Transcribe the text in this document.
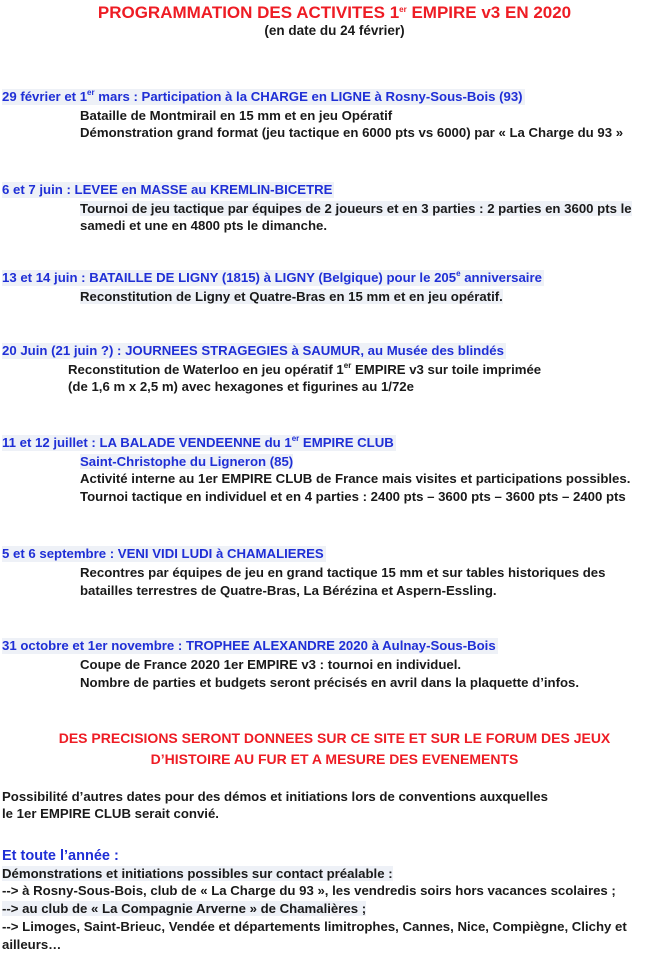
PROGRAMMATION DES ACTIVITES 1er EMPIRE v3 EN 2020
(en date du 24 février)
29 février et 1er mars : Participation à la CHARGE en LIGNE à Rosny-Sous-Bois (93)
Bataille de Montmirail en 15 mm et en jeu Opératif
Démonstration grand format (jeu tactique en 6000 pts vs 6000) par « La Charge du 93 »
6 et 7 juin : LEVEE en MASSE au KREMLIN-BICETRE
Tournoi de jeu tactique par équipes de 2 joueurs et en 3 parties : 2 parties en 3600 pts le
samedi et une en 4800 pts le dimanche.
13 et 14 juin : BATAILLE DE LIGNY (1815) à LIGNY (Belgique) pour le 205e anniversaire
Reconstitution de Ligny et Quatre-Bras en 15 mm et en jeu opératif.
20 Juin (21 juin ?) : JOURNEES STRAGEGIES à SAUMUR, au Musée des blindés
Reconstitution de Waterloo en jeu opératif 1er EMPIRE v3 sur toile imprimée
(de 1,6 m x 2,5 m) avec hexagones et figurines au 1/72e
11 et 12 juillet : LA BALADE VENDEENNE du 1er EMPIRE CLUB
Saint-Christophe du Ligneron (85)
Activité interne au 1er EMPIRE CLUB de France mais visites et participations possibles.
Tournoi tactique en individuel et en 4 parties : 2400 pts – 3600 pts – 3600 pts – 2400 pts
5 et 6 septembre : VENI VIDI LUDI à CHAMALIERES
Recontres par équipes de jeu en grand tactique 15 mm et sur tables historiques des
batailles terrestres de Quatre-Bras, La Bérézina et Aspern-Essling.
31 octobre et 1er novembre : TROPHEE ALEXANDRE 2020 à Aulnay-Sous-Bois
Coupe de France 2020 1er EMPIRE v3 : tournoi en individuel.
Nombre de parties et budgets seront précisés en avril dans la plaquette d’infos.
DES PRECISIONS SERONT DONNEES SUR CE SITE ET SUR LE FORUM DES JEUX
D’HISTOIRE AU FUR ET A MESURE DES EVENEMENTS
Possibilité d’autres dates pour des démos et initiations lors de conventions auxquelles
le 1er EMPIRE CLUB serait convié.
Et toute l’année :
Démonstrations et initiations possibles sur contact préalable :
--> à Rosny-Sous-Bois, club de « La Charge du 93 », les vendredis soirs hors vacances scolaires ;
--> au club de « La Compagnie Arverne » de Chamalières ;
--> Limoges, Saint-Brieuc, Vendée et départements limitrophes, Cannes, Nice, Compiègne, Clichy et
ailleurs…
